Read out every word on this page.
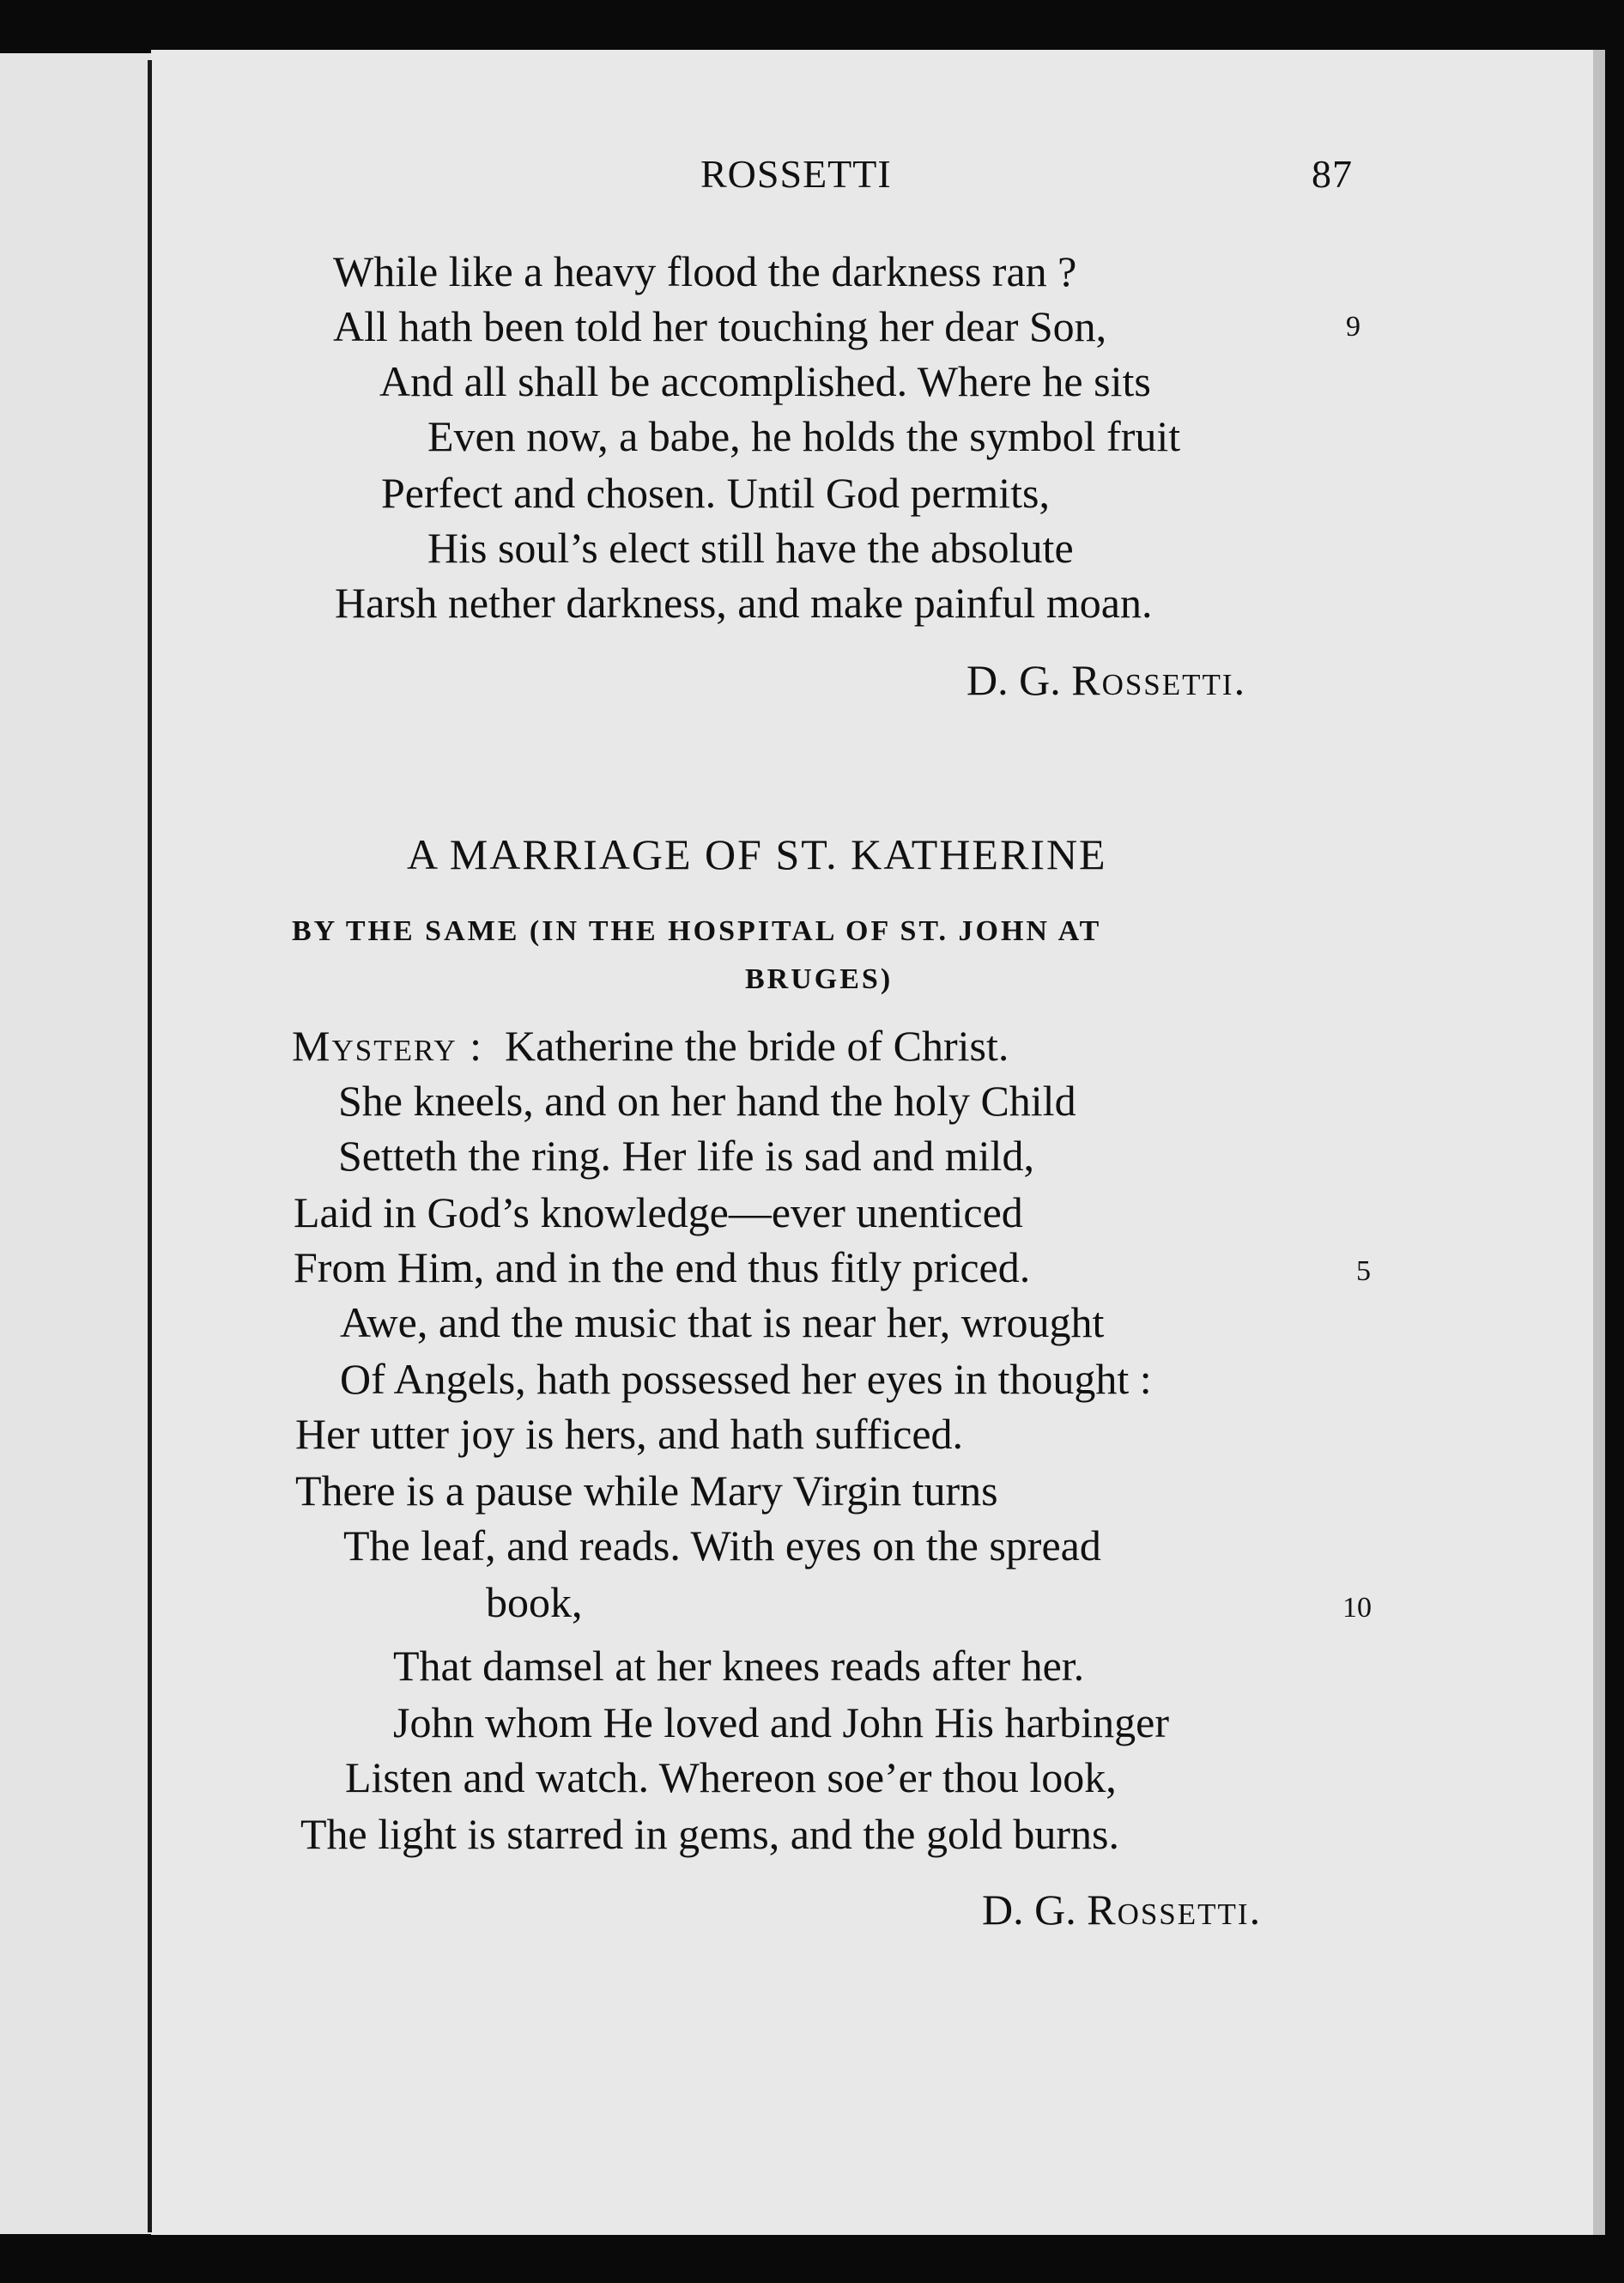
ROSSETTI	87
While like a heavy flood the darkness ran ?
All hath been told her touching her dear Son,	9
And all shall be accomplished. Where he sits
Even now, a babe, he holds the symbol fruit
Perfect and chosen. Until God permits,
His soul’s elect still have the absolute
Harsh nether darkness, and make painful moan.
D. G. Rossetti.
A MARRIAGE OF ST. KATHERINE
BY THE SAME (IN THE HOSPITAL OF ST. JOHN AT
BRUGES)
Mystery : Katherine the bride of Christ.
She kneels, and on her hand the holy Child
Setteth the ring. Her life is sad and mild,
Laid in God’s knowledge—ever unenticed
From Him, and in the end thus fitly priced.	5
Awe, and the music that is near her, wrought
Of Angels, hath possessed her eyes in thought :
Her utter joy is hers, and hath sufficed.
There is a pause while Mary Virgin turns
The leaf, and reads. With eyes on the spread
book,	10
That damsel at her knees reads after her.
John whom He loved and John His harbinger
Listen and watch. Whereon soe’er thou look,
The light is starred in gems, and the gold burns.
D. G. Rossetti.
